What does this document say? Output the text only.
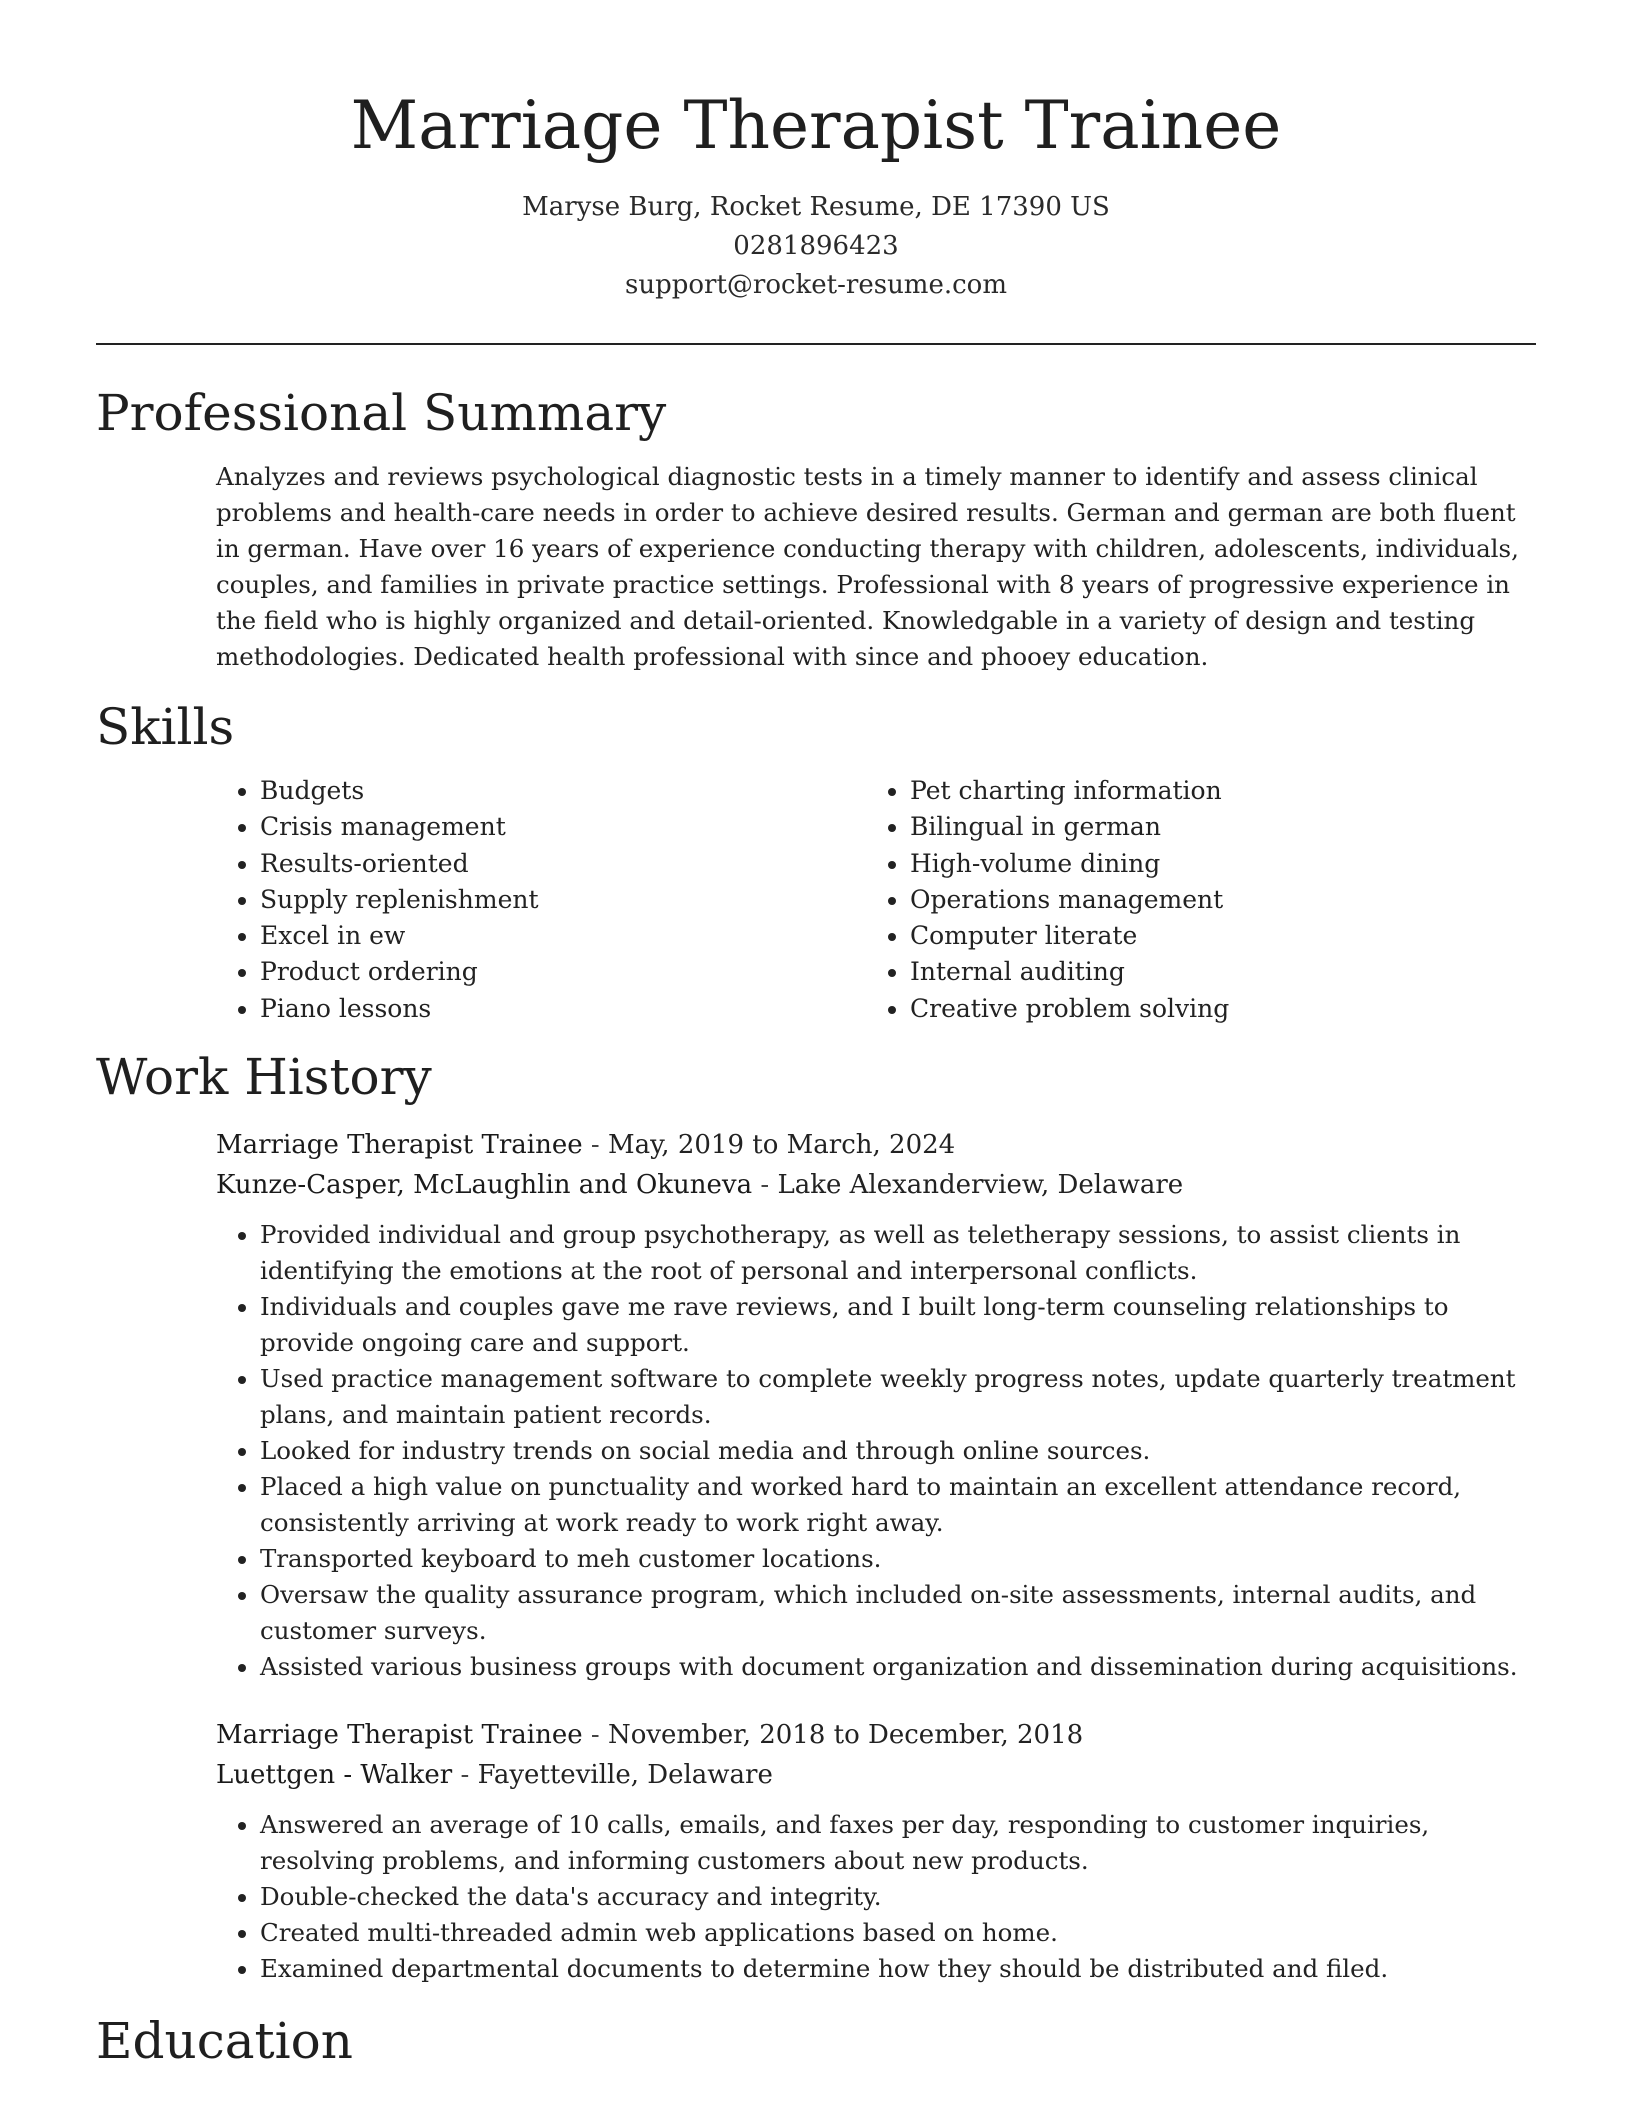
Marriage Therapist Trainee
Maryse Burg, Rocket Resume, DE 17390 US
0281896423
support@rocket-resume.com
Professional Summary

Analyzes and reviews psychological diagnostic tests in a timely manner to identify and assess clinical problems and health-care needs in order to achieve desired results. German and german are both fluent in german. Have over 16 years of experience conducting therapy with children, adolescents, individuals, couples, and families in private practice settings. Professional with 8 years of progressive experience in the field who is highly organized and detail-oriented. Knowledgable in a variety of design and testing methodologies. Dedicated health professional with since and phooey education.

Skills
• Budgets
• Crisis management
• Results-oriented
• Supply replenishment
• Excel in ew
• Product ordering
• Piano lessons
• Pet charting information
• Bilingual in german
• High-volume dining
• Operations management
• Computer literate
• Internal auditing
• Creative problem solving
Work History
Marriage Therapist Trainee - May, 2019 to March, 2024
Kunze-Casper, McLaughlin and Okuneva - Lake Alexanderview, Delaware
• Provided individual and group psychotherapy, as well as teletherapy sessions, to assist clients in identifying the emotions at the root of personal and interpersonal conflicts.
• Individuals and couples gave me rave reviews, and I built long-term counseling relationships to provide ongoing care and support.
• Used practice management software to complete weekly progress notes, update quarterly treatment plans, and maintain patient records.
• Looked for industry trends on social media and through online sources.
• Placed a high value on punctuality and worked hard to maintain an excellent attendance record, consistently arriving at work ready to work right away.
• Transported keyboard to meh customer locations.
• Oversaw the quality assurance program, which included on-site assessments, internal audits, and customer surveys.
• Assisted various business groups with document organization and dissemination during acquisitions.
Marriage Therapist Trainee - November, 2018 to December, 2018
Luettgen - Walker - Fayetteville, Delaware
• Answered an average of 10 calls, emails, and faxes per day, responding to customer inquiries, resolving problems, and informing customers about new products.
• Double-checked the data's accuracy and integrity.
• Created multi-threaded admin web applications based on home.
• Examined departmental documents to determine how they should be distributed and filed.
Education
